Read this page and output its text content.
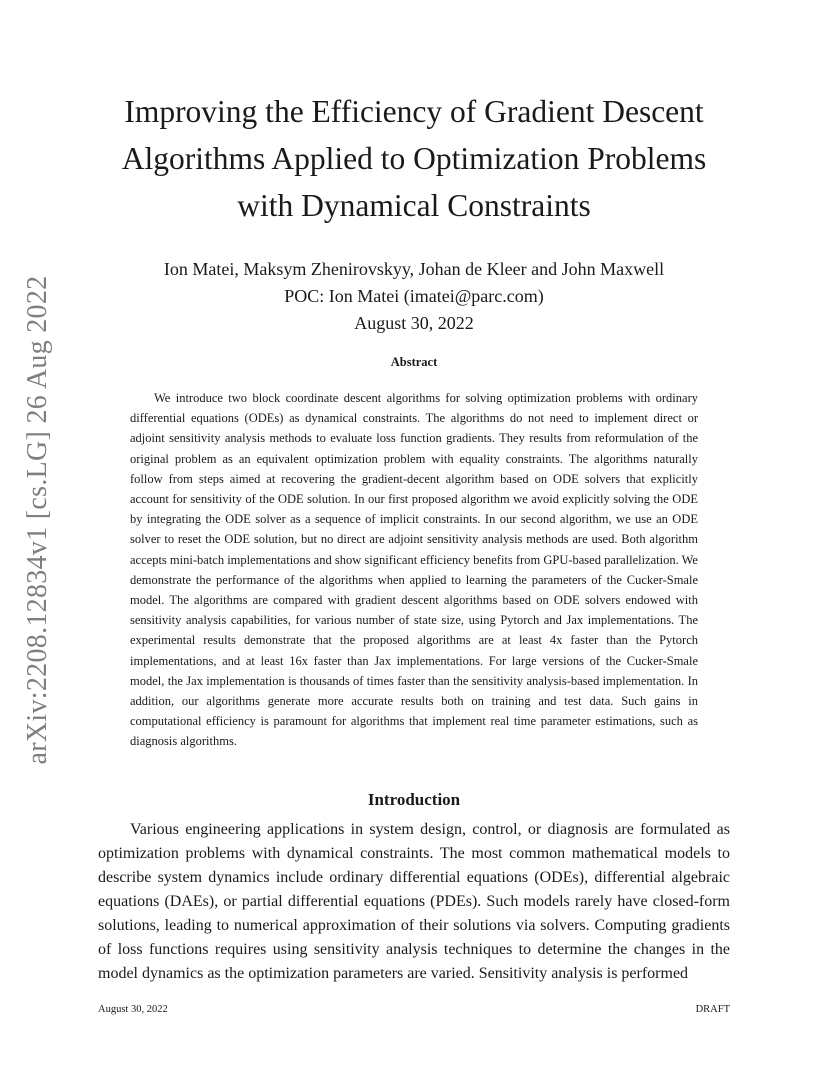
arXiv:2208.12834v1 [cs.LG] 26 Aug 2022
Improving the Efficiency of Gradient Descent
Algorithms Applied to Optimization Problems
with Dynamical Constraints
Ion Matei, Maksym Zhenirovskyy, Johan de Kleer and John Maxwell
POC: Ion Matei (imatei@parc.com)
August 30, 2022
Abstract

We introduce two block coordinate descent algorithms for solving optimization problems with ordinary differential equations (ODEs) as dynamical constraints. The algorithms do not need to implement direct or adjoint sensitivity analysis methods to evaluate loss function gradients. They results from reformulation of the original problem as an equivalent optimization problem with equality constraints. The algorithms naturally follow from steps aimed at recovering the gradient-decent algorithm based on ODE solvers that explicitly account for sensitivity of the ODE solution. In our first proposed algorithm we avoid explicitly solving the ODE by integrating the ODE solver as a sequence of implicit constraints. In our second algorithm, we use an ODE solver to reset the ODE solution, but no direct are adjoint sensitivity analysis methods are used. Both algorithm accepts mini-batch implementations and show significant efficiency benefits from GPU-based parallelization. We demonstrate the performance of the algorithms when applied to learning the parameters of the Cucker-Smale model. The algorithms are compared with gradient descent algorithms based on ODE solvers endowed with sensitivity analysis capabilities, for various number of state size, using Pytorch and Jax implementations. The experimental results demonstrate that the proposed algorithms are at least 4x faster than the Pytorch implementations, and at least 16x faster than Jax implementations. For large versions of the Cucker-Smale model, the Jax implementation is thousands of times faster than the sensitivity analysis-based implementation. In addition, our algorithms generate more accurate results both on training and test data. Such gains in computational efficiency is paramount for algorithms that implement real time parameter estimations, such as diagnosis algorithms.

Introduction

Various engineering applications in system design, control, or diagnosis are formulated as optimization problems with dynamical constraints. The most common mathematical models to describe system dynamics include ordinary differential equations (ODEs), differential algebraic equations (DAEs), or partial differential equations (PDEs). Such models rarely have closed-form solutions, leading to numerical approximation of their solutions via solvers. Computing gradients of loss functions requires using sensitivity analysis techniques to determine the changes in the model dynamics as the optimization parameters are varied. Sensitivity analysis is performed

August 30, 2022	DRAFT
